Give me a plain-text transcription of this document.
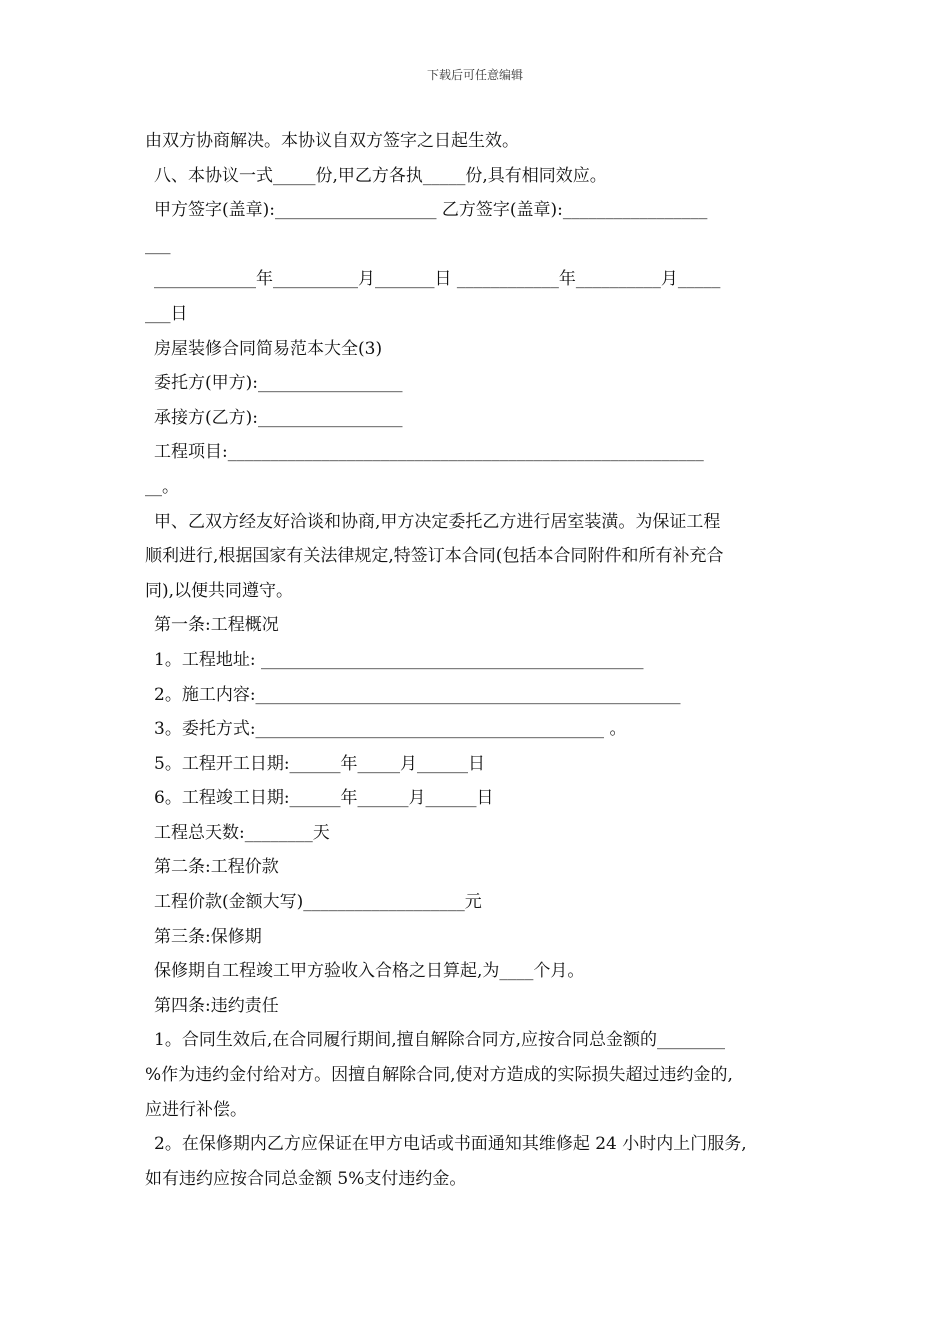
下载后可任意编辑
由双方协商解决。本协议自双方签字之日起生效。
八、本协议一式_____份,甲乙方各执_____份,具有相同效应。
甲方签字(盖章):___________________ 乙方签字(盖章):_________________
___
____________年__________月_______日 ____________年__________月_____
___日
房屋装修合同简易范本大全(3)
委托方(甲方):_________________
承接方(乙方):_________________
工程项目:________________________________________________________
__。
甲、乙双方经友好洽谈和协商,甲方决定委托乙方进行居室装潢。为保证工程
顺利进行,根据国家有关法律规定,特签订本合同(包括本合同附件和所有补充合
同),以便共同遵守。
第一条:工程概况
1。工程地址: _____________________________________________
2。施工内容:__________________________________________________
3。委托方式:_________________________________________ 。
5。工程开工日期:______年_____月______日
6。工程竣工日期:______年______月______日
工程总天数:________天
第二条:工程价款
工程价款(金额大写)___________________元
第三条:保修期
保修期自工程竣工甲方验收入合格之日算起,为____个月。
第四条:违约责任
1。合同生效后,在合同履行期间,擅自解除合同方,应按合同总金额的________
%作为违约金付给对方。因擅自解除合同,使对方造成的实际损失超过违约金的,
应进行补偿。
2。在保修期内乙方应保证在甲方电话或书面通知其维修起 24 小时内上门服务,
如有违约应按合同总金额 5%支付违约金。
